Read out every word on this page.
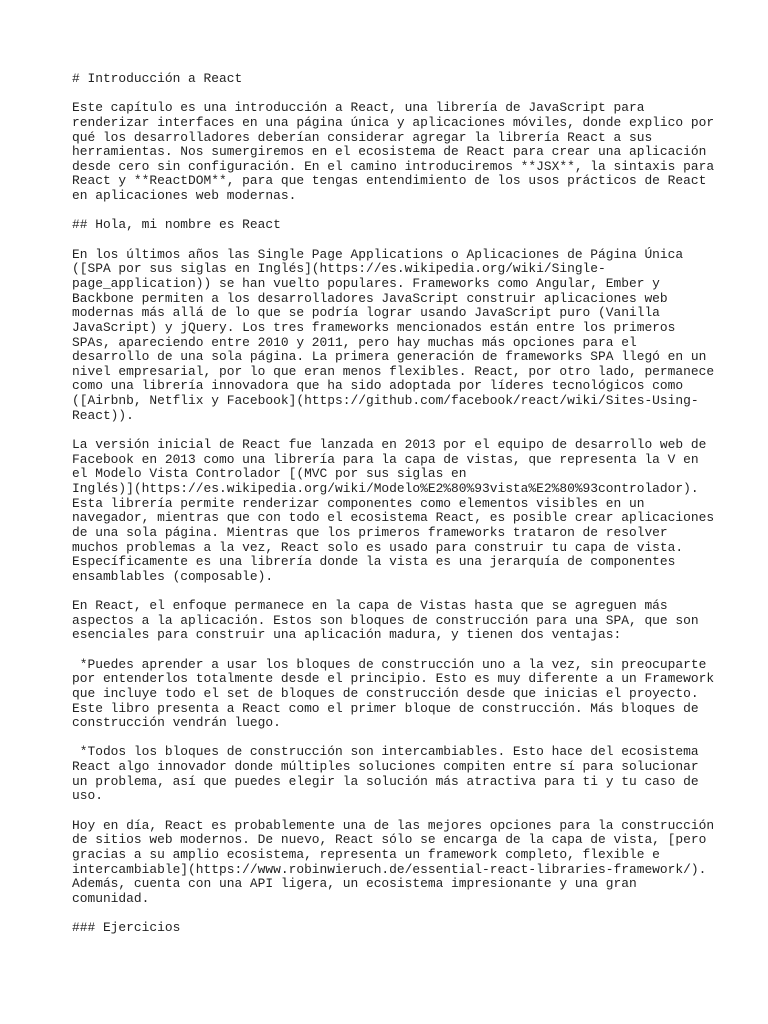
# Introducción a React
Este capítulo es una introducción a React, una librería de JavaScript para
renderizar interfaces en una página única y aplicaciones móviles, donde explico por
qué los desarrolladores deberían considerar agregar la librería React a sus
herramientas. Nos sumergiremos en el ecosistema de React para crear una aplicación
desde cero sin configuración. En el camino introduciremos **JSX**, la sintaxis para
React y **ReactDOM**, para que tengas entendimiento de los usos prácticos de React
en aplicaciones web modernas.
## Hola, mi nombre es React
En los últimos años las Single Page Applications o Aplicaciones de Página Única
([SPA por sus siglas en Inglés](https://es.wikipedia.org/wiki/Single-
page_application)) se han vuelto populares. Frameworks como Angular, Ember y
Backbone permiten a los desarrolladores JavaScript construir aplicaciones web
modernas más allá de lo que se podría lograr usando JavaScript puro (Vanilla
JavaScript) y jQuery. Los tres frameworks mencionados están entre los primeros
SPAs, apareciendo entre 2010 y 2011, pero hay muchas más opciones para el
desarrollo de una sola página. La primera generación de frameworks SPA llegó en un
nivel empresarial, por lo que eran menos flexibles. React, por otro lado, permanece
como una librería innovadora que ha sido adoptada por líderes tecnológicos como
([Airbnb, Netflix y Facebook](https://github.com/facebook/react/wiki/Sites-Using-
React)).
La versión inicial de React fue lanzada en 2013 por el equipo de desarrollo web de
Facebook en 2013 como una librería para la capa de vistas, que representa la V en
el Modelo Vista Controlador [(MVC por sus siglas en
Inglés)](https://es.wikipedia.org/wiki/Modelo%E2%80%93vista%E2%80%93controlador).
Esta librería permite renderizar componentes como elementos visibles en un
navegador, mientras que con todo el ecosistema React, es posible crear aplicaciones
de una sola página. Mientras que los primeros frameworks trataron de resolver
muchos problemas a la vez, React solo es usado para construir tu capa de vista.
Específicamente es una librería donde la vista es una jerarquía de componentes
ensamblables (composable).
En React, el enfoque permanece en la capa de Vistas hasta que se agreguen más
aspectos a la aplicación. Estos son bloques de construcción para una SPA, que son
esenciales para construir una aplicación madura, y tienen dos ventajas:
*Puedes aprender a usar los bloques de construcción uno a la vez, sin preocuparte
por entenderlos totalmente desde el principio. Esto es muy diferente a un Framework
que incluye todo el set de bloques de construcción desde que inicias el proyecto.
Este libro presenta a React como el primer bloque de construcción. Más bloques de
construcción vendrán luego.
*Todos los bloques de construcción son intercambiables. Esto hace del ecosistema
React algo innovador donde múltiples soluciones compiten entre sí para solucionar
un problema, así que puedes elegir la solución más atractiva para ti y tu caso de
uso.
Hoy en día, React es probablemente una de las mejores opciones para la construcción
de sitios web modernos. De nuevo, React sólo se encarga de la capa de vista, [pero
gracias a su amplio ecosistema, representa un framework completo, flexible e
intercambiable](https://www.robinwieruch.de/essential-react-libraries-framework/).
Además, cuenta con una API ligera, un ecosistema impresionante y una gran
comunidad.
### Ejercicios
